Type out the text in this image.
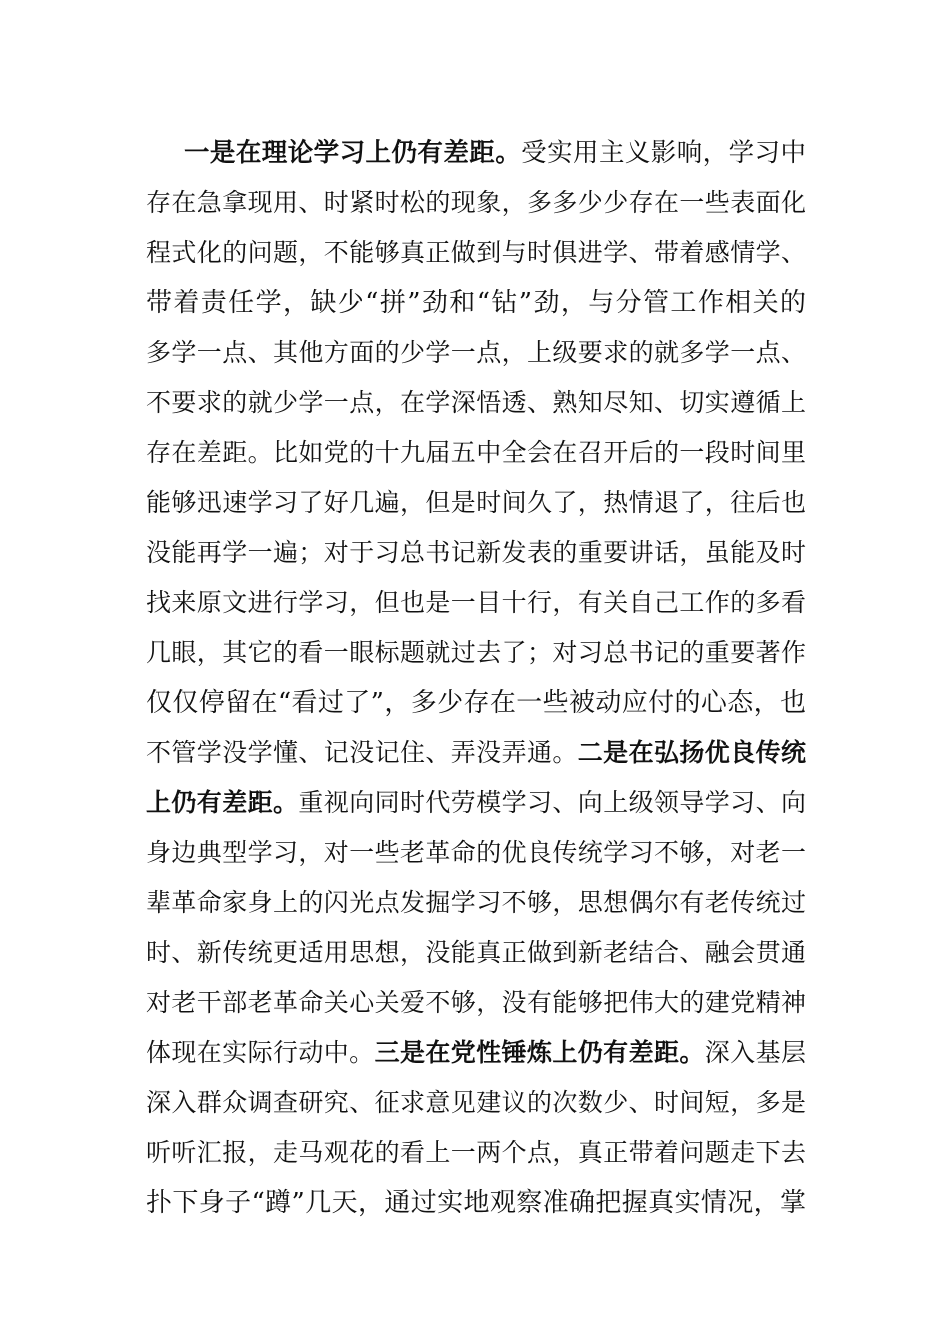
一是在理论学习上仍有差距。受实用主义影响，学习中
存在急拿现用、时紧时松的现象，多多少少存在一些表面化
程式化的问题，不能够真正做到与时俱进学、带着感情学、
带着责任学，缺少“拼”劲和“钻”劲，与分管工作相关的
多学一点、其他方面的少学一点，上级要求的就多学一点、
不要求的就少学一点，在学深悟透、熟知尽知、切实遵循上
存在差距。比如党的十九届五中全会在召开后的一段时间里
能够迅速学习了好几遍，但是时间久了，热情退了，往后也
没能再学一遍；对于习总书记新发表的重要讲话，虽能及时
找来原文进行学习，但也是一目十行，有关自己工作的多看
几眼，其它的看一眼标题就过去了；对习总书记的重要著作
仅仅停留在“看过了”，多少存在一些被动应付的心态，也
不管学没学懂、记没记住、弄没弄通。二是在弘扬优良传统
上仍有差距。重视向同时代劳模学习、向上级领导学习、向
身边典型学习，对一些老革命的优良传统学习不够，对老一
辈革命家身上的闪光点发掘学习不够，思想偶尔有老传统过
时、新传统更适用思想，没能真正做到新老结合、融会贯通
对老干部老革命关心关爱不够，没有能够把伟大的建党精神
体现在实际行动中。三是在党性锤炼上仍有差距。深入基层
深入群众调查研究、征求意见建议的次数少、时间短，多是
听听汇报，走马观花的看上一两个点，真正带着问题走下去
扑下身子“蹲”几天，通过实地观察准确把握真实情况，掌
